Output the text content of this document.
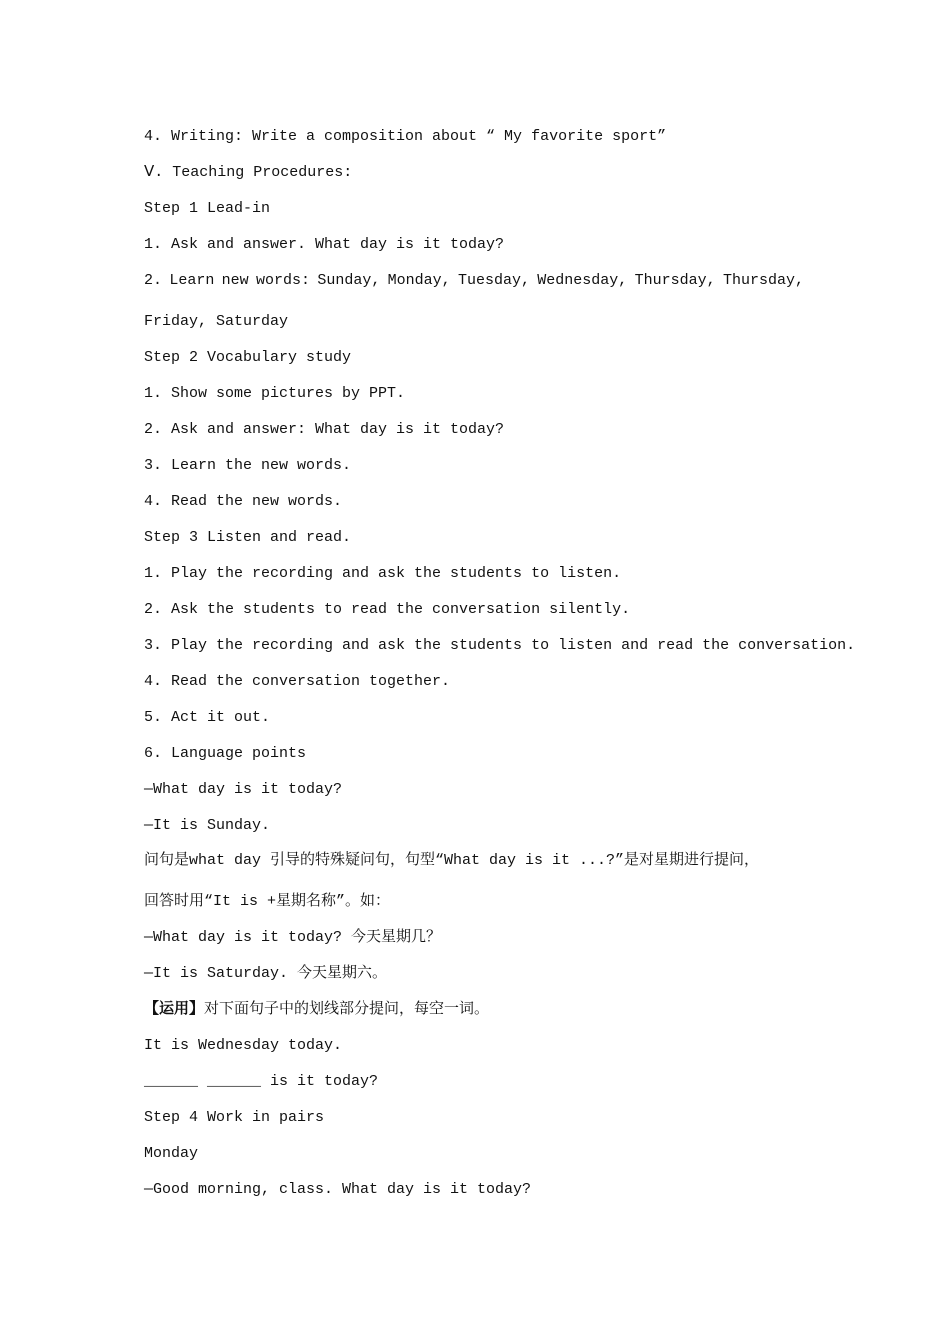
4. Writing: Write a composition about “ My favorite sport”
Ⅴ. Teaching Procedures:
Step 1 Lead-in
1. Ask and answer. What day is it today?
2. Learn new words: Sunday, Monday, Tuesday, Wednesday, Thursday, Thursday,
Friday, Saturday
Step 2 Vocabulary study
1. Show some pictures by PPT.
2. Ask and answer: What day is it today?
3. Learn the new words.
4. Read the new words.
Step 3 Listen and read.
1. Play the recording and ask the students to listen.
2. Ask the students to read the conversation silently.
3. Play the recording and ask the students to listen and read the conversation.
4. Read the conversation together.
5. Act it out.
6. Language points
—What day is it today?
—It is Sunday.
问句是what day 引导的特殊疑问句，句型“What day is it ...?”是对星期进行提问，
回答时用“It is +星期名称”。如：
—What day is it today? 今天星期几？
—It is Saturday. 今天星期六。
【运用】对下面句子中的划线部分提问，每空一词。
It is Wednesday today.
______ ______ is it today?
Step 4 Work in pairs
Monday
—Good morning, class. What day is it today?
